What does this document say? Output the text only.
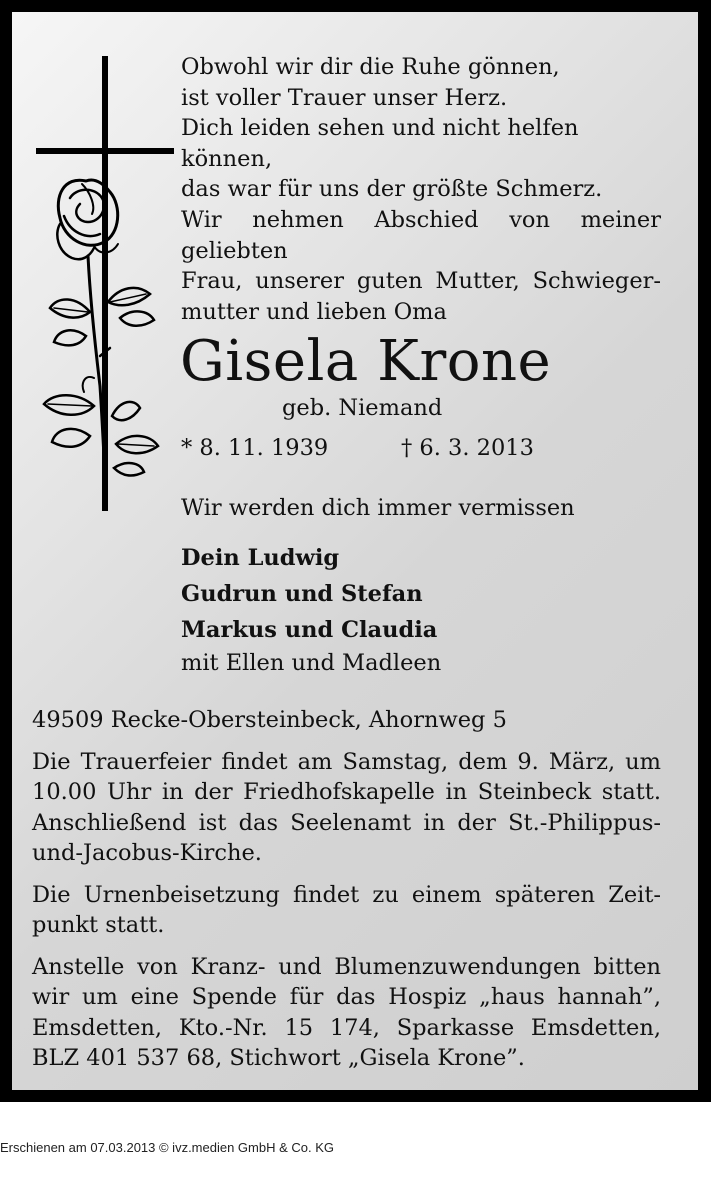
Obwohl wir dir die Ruhe gönnen,
ist voller Trauer unser Herz.
Dich leiden sehen und nicht helfen können,
das war für uns der größte Schmerz.
Wir nehmen Abschied von meiner geliebten
Frau, unserer guten Mutter, Schwieger-
mutter und lieben Oma
Gisela Krone
geb. Niemand
* 8. 11. 1939	† 6. 3. 2013
Wir werden dich immer vermissen
Dein Ludwig
Gudrun und Stefan
Markus und Claudia
mit Ellen und Madleen

49509 Recke-Obersteinbeck, Ahornweg 5

Die Trauerfeier findet am Samstag, dem 9. März, um
10.00 Uhr in der Friedhofskapelle in Steinbeck statt.
Anschließend ist das Seelenamt in der St.-Philippus-
und-Jacobus-Kirche.

Die Urnenbeisetzung findet zu einem späteren Zeit-
punkt statt.

Anstelle von Kranz- und Blumenzuwendungen bitten
wir um eine Spende für das Hospiz „haus hannah”,
Emsdetten, Kto.-Nr. 15 174, Sparkasse Emsdetten,
BLZ 401 537 68, Stichwort „Gisela Krone”.

Erschienen am 07.03.2013 © ivz.medien GmbH & Co. KG
